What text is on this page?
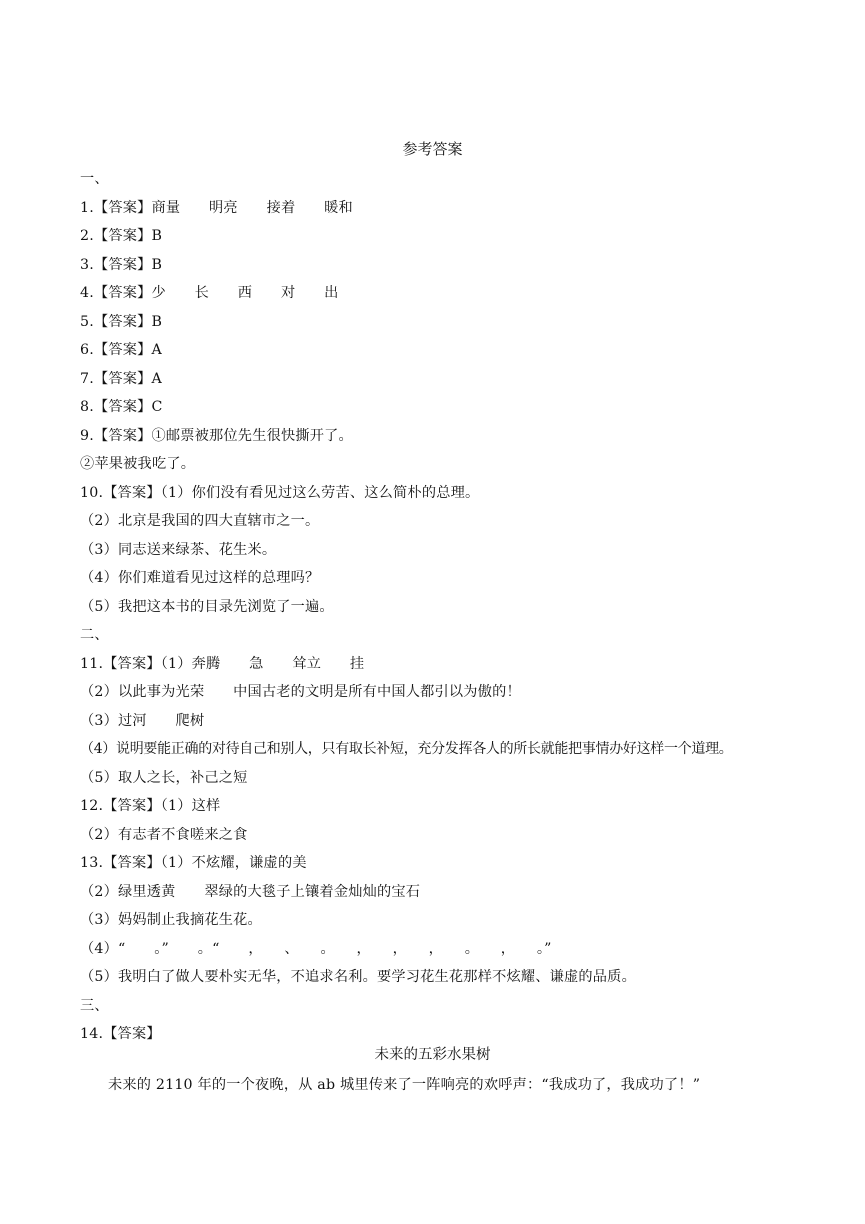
参考答案
一、
1.【答案】商量　　明亮　　接着　　暖和
2.【答案】B
3.【答案】B
4.【答案】少　　长　　西　　对　　出
5.【答案】B
6.【答案】A
7.【答案】A
8.【答案】C
9.【答案】①邮票被那位先生很快撕开了。
②苹果被我吃了。
10.【答案】（1）你们没有看见过这么劳苦、这么简朴的总理。
（2）北京是我国的四大直辖市之一。
（3）同志送来绿茶、花生米。
（4）你们难道看见过这样的总理吗？
（5）我把这本书的目录先浏览了一遍。
二、
11.【答案】（1）奔腾　　急　　耸立　　挂
（2）以此事为光荣　　中国古老的文明是所有中国人都引以为傲的！
（3）过河　　爬树
（4）说明要能正确的对待自己和别人，只有取长补短，充分发挥各人的所长就能把事情办好这样一个道理。
（5）取人之长，补己之短
12.【答案】（1）这样
（2）有志者不食嗟来之食
13.【答案】（1）不炫耀，谦虚的美
（2）绿里透黄　　翠绿的大毯子上镶着金灿灿的宝石
（3）妈妈制止我摘花生花。
（4）“　　。”　　。“　　，　　、　　。　　，　　，　　，　　。　　，　　。”
（5）我明白了做人要朴实无华，不追求名利。要学习花生花那样不炫耀、谦虚的品质。
三、
14.【答案】
未来的五彩水果树
未来的 2110 年的一个夜晚，从 ab 城里传来了一阵响亮的欢呼声：“我成功了，我成功了！”
